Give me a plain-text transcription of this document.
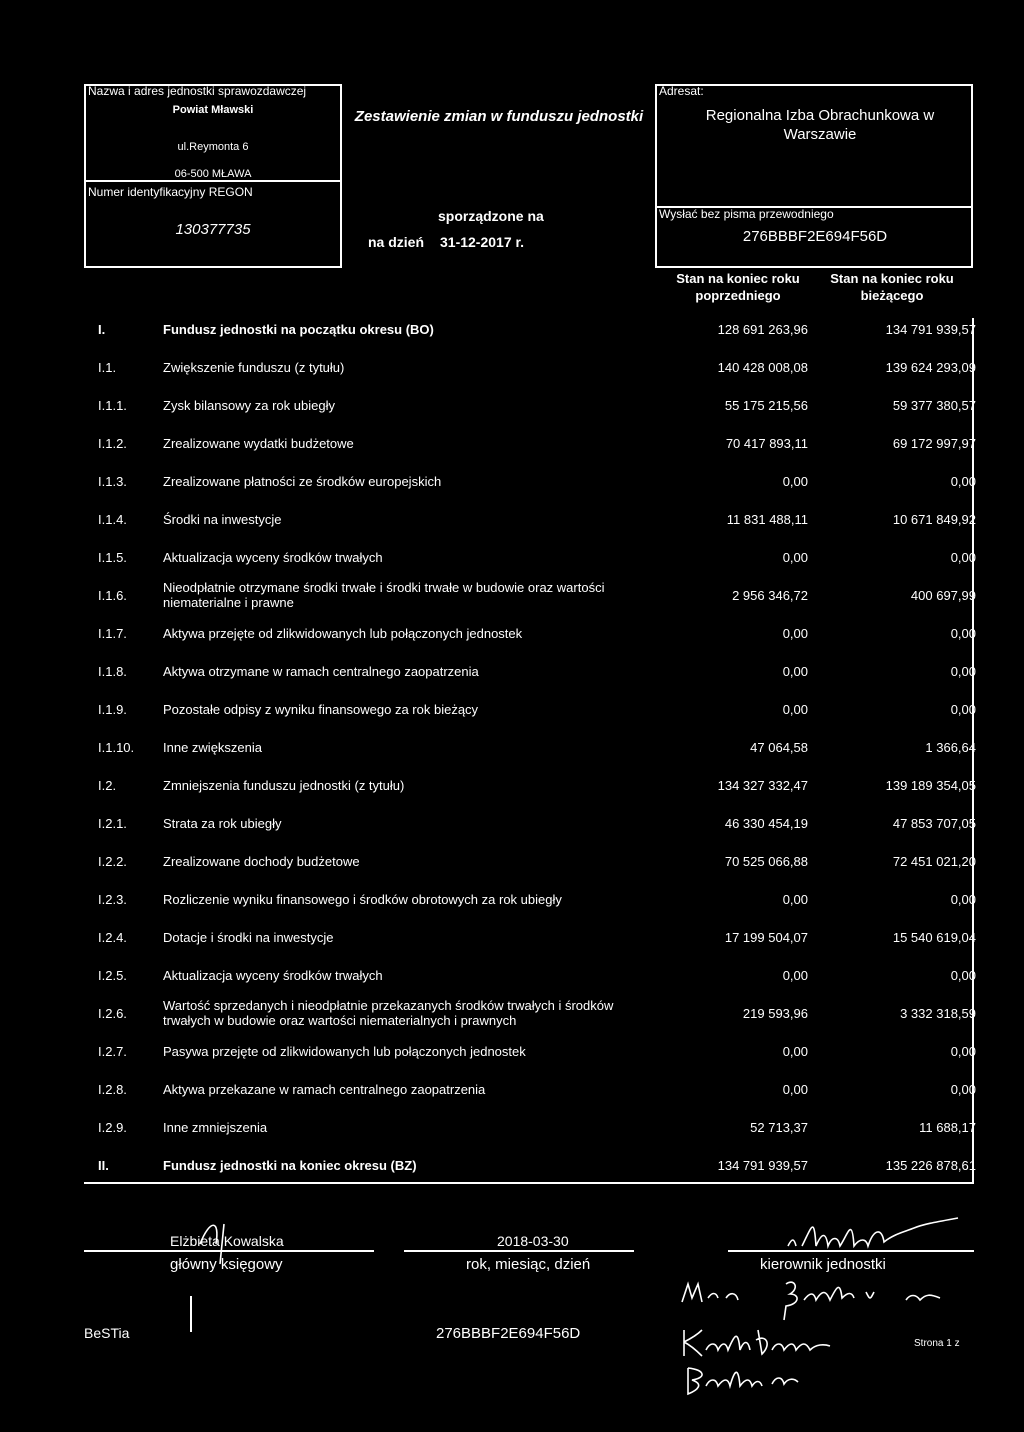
Nazwa i adres jednostki sprawozdawczej
Powiat Mławski
ul.Reymonta 6
06-500 MŁAWA
Numer identyfikacyjny REGON
130377735
Zestawienie zmian w funduszu jednostki
sporządzone na
na dzień 31-12-2017 r.
Adresat:
Regionalna Izba Obrachunkowa w Warszawie
Wysłać bez pisma przewodniego
276BBBF2E694F56D
Stan na koniec roku poprzedniego
Stan na koniec roku bieżącego
I.	Fundusz jednostki na początku okresu (BO)	128 691 263,96	134 791 939,57
I.1.	Zwiększenie funduszu (z tytułu)	140 428 008,08	139 624 293,09
I.1.1.	Zysk bilansowy za rok ubiegły	55 175 215,56	59 377 380,57
I.1.2.	Zrealizowane wydatki budżetowe	70 417 893,11	69 172 997,97
I.1.3.	Zrealizowane płatności ze środków europejskich	0,00	0,00
I.1.4.	Środki na inwestycje	11 831 488,11	10 671 849,92
I.1.5.	Aktualizacja wyceny środków trwałych	0,00	0,00
I.1.6.
Nieodpłatnie otrzymane środki trwałe i środki trwałe w budowie oraz wartości niematerialne i prawne	2 956 346,72	400 697,99
I.1.7.	Aktywa przejęte od zlikwidowanych lub połączonych jednostek	0,00	0,00
I.1.8.	Aktywa otrzymane w ramach centralnego zaopatrzenia	0,00	0,00
I.1.9.	Pozostałe odpisy z wyniku finansowego za rok bieżący	0,00	0,00
I.1.10. Inne zwiększenia	47 064,58	1 366,64
I.2.	Zmniejszenia funduszu jednostki (z tytułu)	134 327 332,47	139 189 354,05
I.2.1.	Strata za rok ubiegły	46 330 454,19	47 853 707,05
I.2.2.	Zrealizowane dochody budżetowe	70 525 066,88	72 451 021,20
I.2.3.	Rozliczenie wyniku finansowego i środków obrotowych za rok ubiegły	0,00	0,00
I.2.4.	Dotacje i środki na inwestycje	17 199 504,07	15 540 619,04
I.2.5.	Aktualizacja wyceny środków trwałych	0,00	0,00
I.2.6.
Wartość sprzedanych i nieodpłatnie przekazanych środków trwałych i środków trwałych w budowie oraz wartości niematerialnych i prawnych	219 593,96	3 332 318,59
I.2.7.	Pasywa przejęte od zlikwidowanych lub połączonych jednostek	0,00	0,00
I.2.8.	Aktywa przekazane w ramach centralnego zaopatrzenia	0,00	0,00
I.2.9.	Inne zmniejszenia	52 713,37	11 688,17
II.	Fundusz jednostki na koniec okresu (BZ)	134 791 939,57	135 226 878,61
Elżbieta Kowalska
główny księgowy
2018-03-30
rok, miesiąc, dzień	kierownik jednostki
BeSTia	276BBBF2E694F56D
Strona 1 z
